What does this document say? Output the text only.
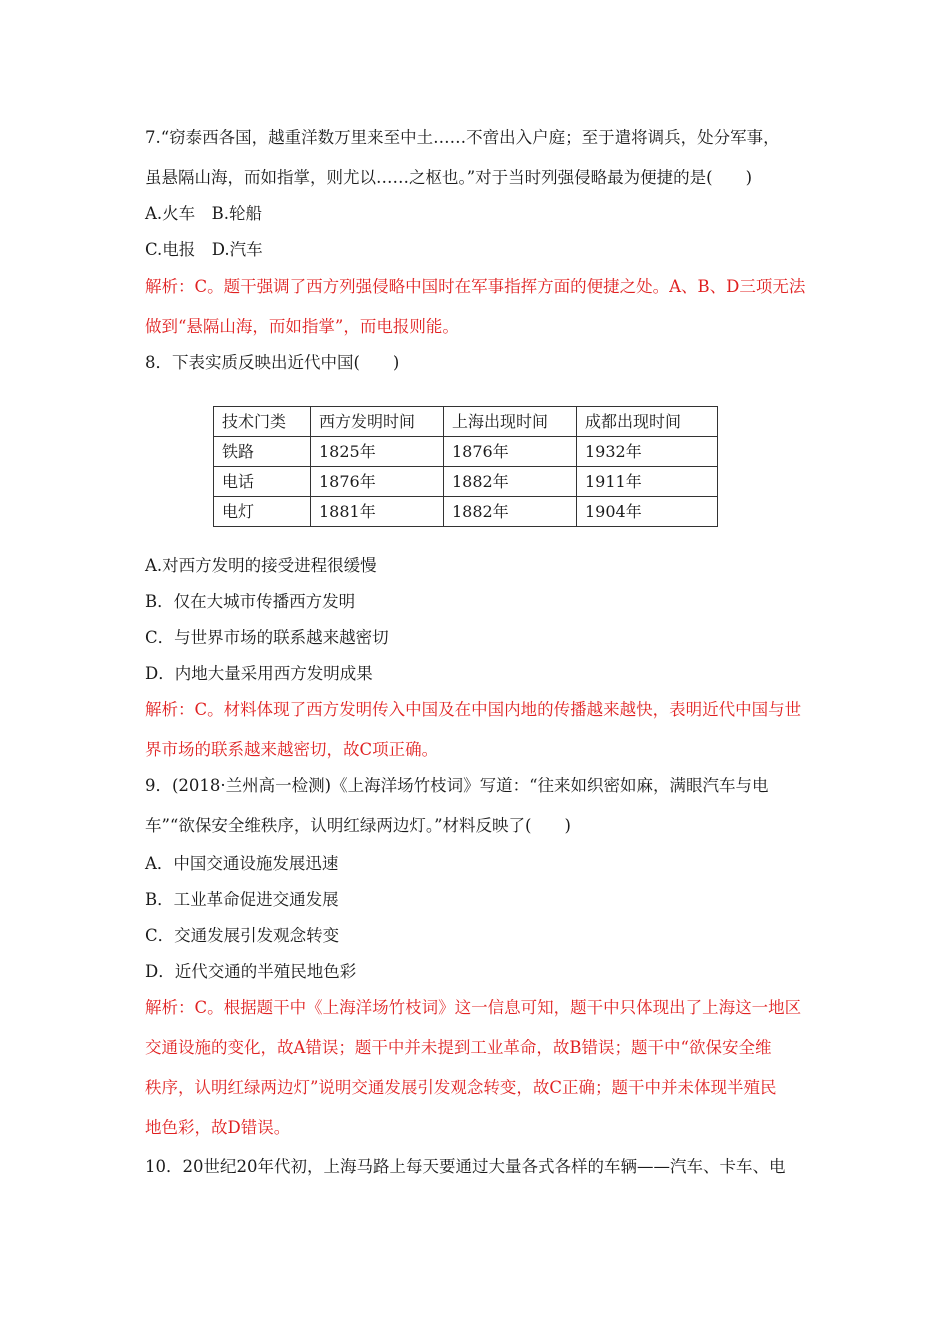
7.“窃泰西各国，越重洋数万里来至中土……不啻出入户庭；至于遣将调兵，处分军事，
虽悬隔山海，而如指掌，则尤以……之枢也。”对于当时列强侵略最为便捷的是(　　)
A.火车　B.轮船
C.电报　D.汽车
解析：C。题干强调了西方列强侵略中国时在军事指挥方面的便捷之处。A、B、D三项无法
做到“悬隔山海，而如指掌”，而电报则能。
8．下表实质反映出近代中国(　　)
技术门类	西方发明时间	上海出现时间	成都出现时间
铁路	1825年	1876年	1932年
电话	1876年	1882年	1911年
电灯	1881年	1882年	1904年
A.对西方发明的接受进程很缓慢
B．仅在大城市传播西方发明
C．与世界市场的联系越来越密切
D．内地大量采用西方发明成果
解析：C。材料体现了西方发明传入中国及在中国内地的传播越来越快，表明近代中国与世
界市场的联系越来越密切，故C项正确。
9．(2018·兰州高一检测)《上海洋场竹枝词》写道：“往来如织密如麻，满眼汽车与电
车”“欲保安全维秩序，认明红绿两边灯。”材料反映了(　　)
A．中国交通设施发展迅速
B．工业革命促进交通发展
C．交通发展引发观念转变
D．近代交通的半殖民地色彩
解析：C。根据题干中《上海洋场竹枝词》这一信息可知，题干中只体现出了上海这一地区
交通设施的变化，故A错误；题干中并未提到工业革命，故B错误；题干中“欲保安全维
秩序，认明红绿两边灯”说明交通发展引发观念转变，故C正确；题干中并未体现半殖民
地色彩，故D错误。
10．20世纪20年代初，上海马路上每天要通过大量各式各样的车辆——汽车、卡车、电
